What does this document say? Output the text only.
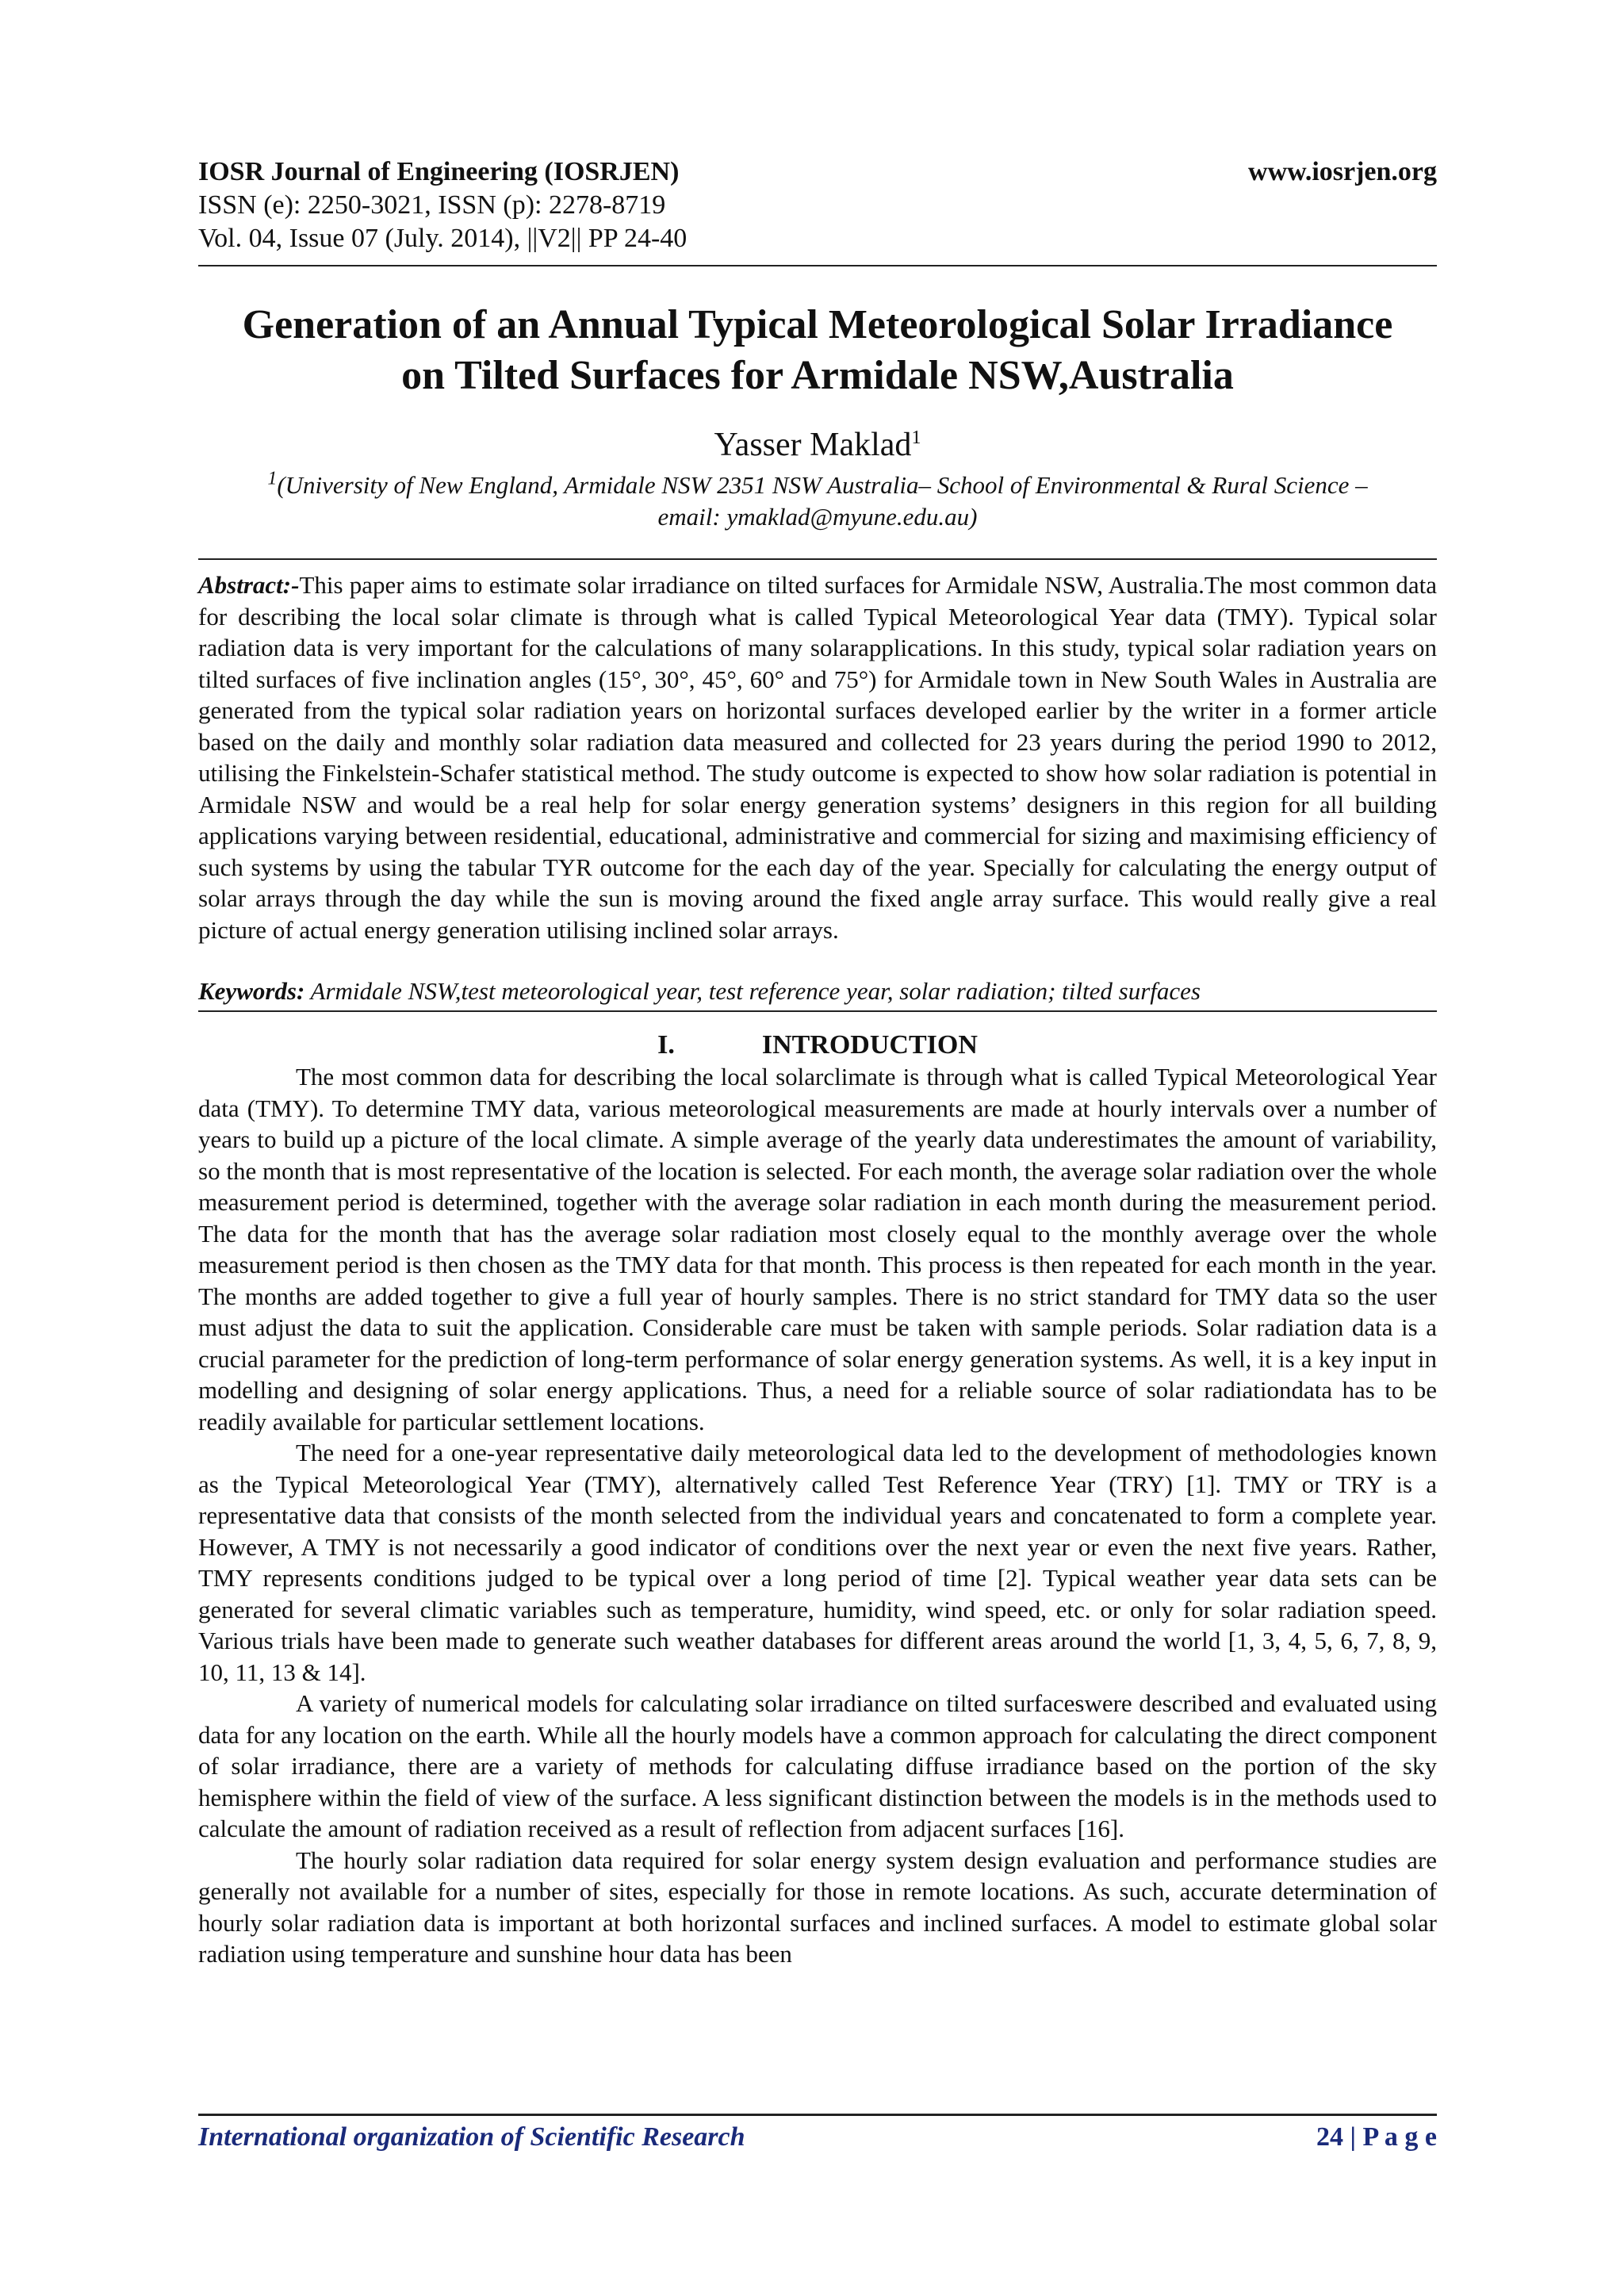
IOSR Journal of Engineering (IOSRJEN)	www.iosrjen.org
ISSN (e): 2250-3021, ISSN (p): 2278-8719
Vol. 04, Issue 07 (July. 2014), ||V2|| PP 24-40
Generation of an Annual Typical Meteorological Solar Irradiance
on Tilted Surfaces for Armidale NSW,Australia
Yasser Maklad$^1$
$^1$(University of New England, Armidale NSW 2351 NSW Australia– School of Environmental & Rural Science –
email: ymaklad@myune.edu.au)

Abstract:-This paper aims to estimate solar irradiance on tilted surfaces for Armidale NSW, Australia.The most common data for describing the local solar climate is through what is called Typical Meteorological Year data (TMY). Typical solar radiation data is very important for the calculations of many solarapplications. In this study, typical solar radiation years on tilted surfaces of five inclination angles (15°, 30°, 45°, 60° and 75°) for Armidale town in New South Wales in Australia are generated from the typical solar radiation years on horizontal surfaces developed earlier by the writer in a former article based on the daily and monthly solar radiation data measured and collected for 23 years during the period 1990 to 2012, utilising the Finkelstein-Schafer statistical method. The study outcome is expected to show how solar radiation is potential in Armidale NSW and would be a real help for solar energy generation systems’ designers in this region for all building applications varying between residential, educational, administrative and commercial for sizing and maximising efficiency of such systems by using the tabular TYR outcome for the each day of the year. Specially for calculating the energy output of solar arrays through the day while the sun is moving around the fixed angle array surface. This would really give a real picture of actual energy generation utilising inclined solar arrays.

Keywords: Armidale NSW,test meteorological year, test reference year, solar radiation; tilted surfaces
I.	INTRODUCTION

The most common data for describing the local solarclimate is through what is called Typical Meteorological Year data (TMY). To determine TMY data, various meteorological measurements are made at hourly intervals over a number of years to build up a picture of the local climate. A simple average of the yearly data underestimates the amount of variability, so the month that is most representative of the location is selected. For each month, the average solar radiation over the whole measurement period is determined, together with the average solar radiation in each month during the measurement period. The data for the month that has the average solar radiation most closely equal to the monthly average over the whole measurement period is then chosen as the TMY data for that month. This process is then repeated for each month in the year. The months are added together to give a full year of hourly samples. There is no strict standard for TMY data so the user must adjust the data to suit the application. Considerable care must be taken with sample periods. Solar radiation data is a crucial parameter for the prediction of long-term performance of solar energy generation systems. As well, it is a key input in modelling and designing of solar energy applications. Thus, a need for a reliable source of solar radiationdata has to be readily available for particular settlement locations.

The need for a one-year representative daily meteorological data led to the development of methodologies known as the Typical Meteorological Year (TMY), alternatively called Test Reference Year (TRY) [1]. TMY or TRY is a representative data that consists of the month selected from the individual years and concatenated to form a complete year. However, A TMY is not necessarily a good indicator of conditions over the next year or even the next five years. Rather, TMY represents conditions judged to be typical over a long period of time [2]. Typical weather year data sets can be generated for several climatic variables such as temperature, humidity, wind speed, etc. or only for solar radiation speed. Various trials have been made to generate such weather databases for different areas around the world [1, 3, 4, 5, 6, 7, 8, 9, 10, 11, 13 & 14].

A variety of numerical models for calculating solar irradiance on tilted surfaceswere described and evaluated using data for any location on the earth. While all the hourly models have a common approach for calculating the direct component of solar irradiance, there are a variety of methods for calculating diffuse irradiance based on the portion of the sky hemisphere within the field of view of the surface. A less significant distinction between the models is in the methods used to calculate the amount of radiation received as a result of reflection from adjacent surfaces [16].

The hourly solar radiation data required for solar energy system design evaluation and performance studies are generally not available for a number of sites, especially for those in remote locations. As such, accurate determination of hourly solar radiation data is important at both horizontal surfaces and inclined surfaces. A model to estimate global solar radiation using temperature and sunshine hour data has been

International organization of Scientific Research	24 | P a g e
